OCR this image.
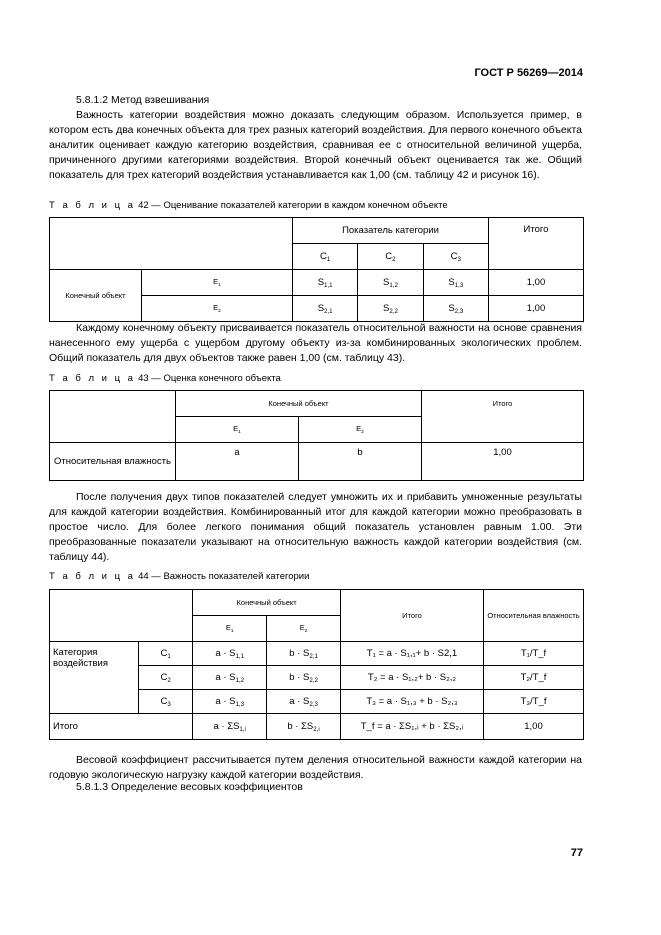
ГОСТ Р 56269—2014
5.8.1.2 Метод взвешивания
Важность категории воздействия можно доказать следующим образом. Используется пример, в котором есть два конечных объекта для трех разных категорий воздействия. Для первого конечного объекта аналитик оценивает каждую категорию воздействия, сравнивая ее с относительной величиной ущерба, причиненного другими категориями воздействия. Второй конечный объект оценивается так же. Общий показатель для трех категорий воздействия устанавливается как 1,00 (см. таблицу 42 и рисунок 16).
Т а б л и ц а 42 — Оценивание показателей категории в каждом конечном объекте
		Показатель категории			Итого
		$C_1$	$C_2$	$C_3$
Конечный объект	$E_1$	$S_{1,1}$	$S_{1,2}$	$S_{1,3}$	1,00
	$E_2$	$S_{2,1}$	$S_{2,2}$	$S_{2,3}$	1,00
Каждому конечному объекту присваивается показатель относительной важности на основе сравнения нанесенного ему ущерба с ущербом другому объекту из-за комбинированных экологических проблем. Общий показатель для двух объектов также равен 1,00 (см. таблицу 43).
Т а б л и ц а 43 — Оценка конечного объекта
	Конечный объект		Итого
	$E_1$	$E_2$
Относительная влажность	a	b	1,00
После получения двух типов показателей следует умножить их и прибавить умноженные результаты для каждой категории воздействия. Комбинированный итог для каждой категории можно преобразовать в простое число. Для более легкого понимания общий показатель установлен равным 1.00. Эти преобразованные показатели указывают на относительную важность каждой категории воздействия (см. таблицу 44).
Т а б л и ц а 44 — Важность показателей категории
		Конечный объект		Итого	Относительная влажность
		$E_1$	$E_2$
Категория воздействия	$C_1$	$a \cdot S_{1,1}$	$b \cdot S_{2,1}$	T₁ = a · S₁,₁+ b · S2,1	T₁/T_f
	$C_2$	$a \cdot S_{1,2}$	$b \cdot S_{2,2}$	T₂ = a · S₁,₂+ b · S₂,₂	T₂/T_f
	$C_3$	$a \cdot S_{1,3}$	$a \cdot S_{2,3}$	T₃ = a · S₁,₃ + b · S₂,₃	T₃/T_f
Итого		$a \cdot \Sigma S_{1,i}$	$b \cdot \Sigma S_{2,i}$	T_f = a · ΣS₁,ᵢ + b · ΣS₂,ᵢ	1,00
Весовой коэффициент рассчитывается путем деления относительной важности каждой категории на годовую экологическую нагрузку каждой категории воздействия.
5.8.1.3 Определение весовых коэффициентов
77
